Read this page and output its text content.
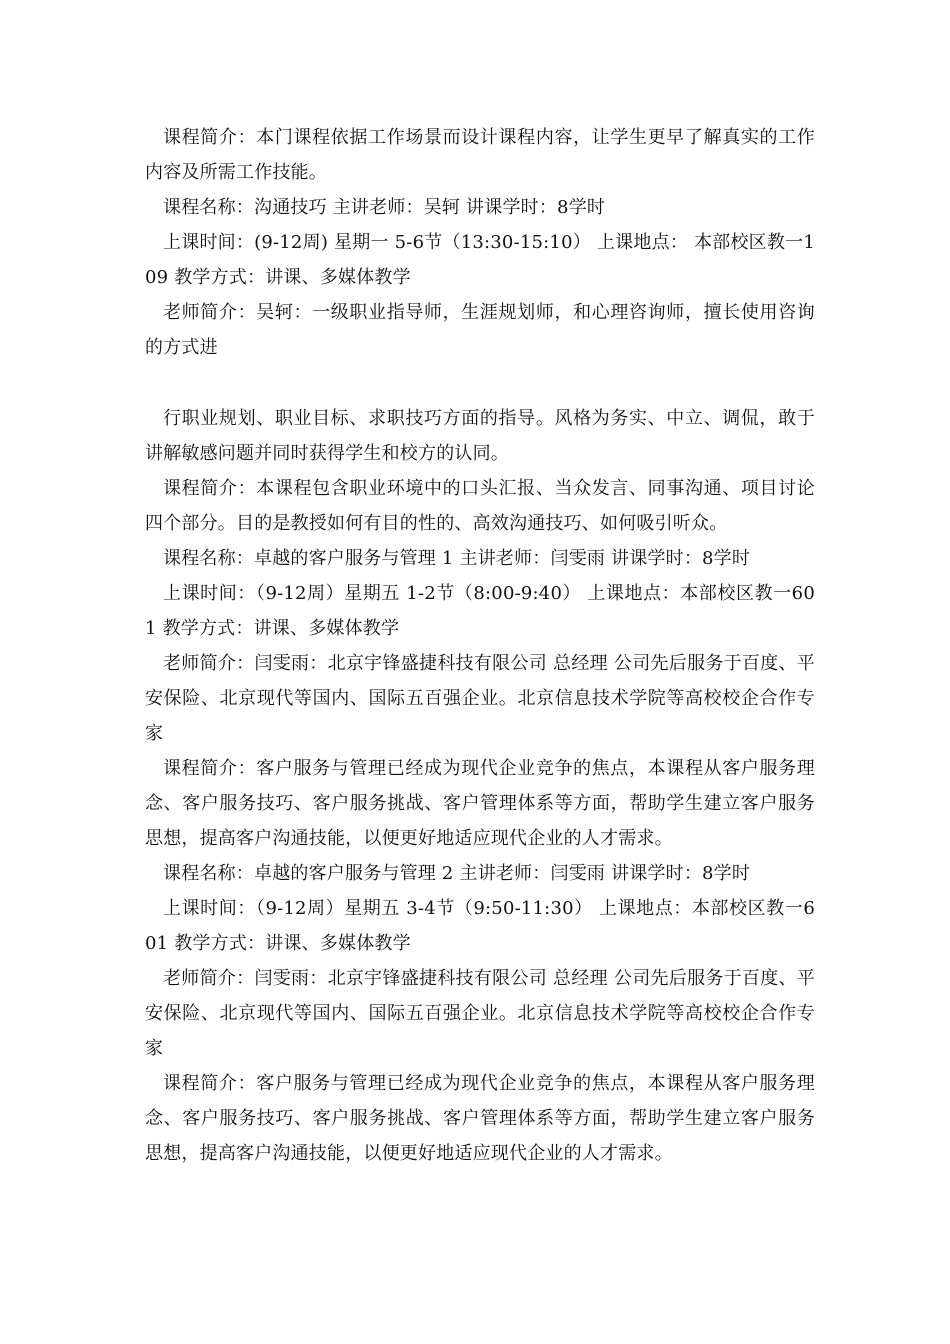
课程简介：本门课程依据工作场景而设计课程内容，让学生更早了解真实的工作内容及所需工作技能。

课程名称：沟通技巧 主讲老师：吴轲 讲课学时：8学时

上课时间：(9-12周) 星期一 5-6节（13:30-15:10） 上课地点： 本部校区教一109 教学方式：讲课、多媒体教学

老师简介：吴轲：一级职业指导师，生涯规划师，和心理咨询师，擅长使用咨询的方式进

行职业规划、职业目标、求职技巧方面的指导。风格为务实、中立、调侃，敢于讲解敏感问题并同时获得学生和校方的认同。

课程简介：本课程包含职业环境中的口头汇报、当众发言、同事沟通、项目讨论四个部分。目的是教授如何有目的性的、高效沟通技巧、如何吸引听众。

课程名称：卓越的客户服务与管理 1 主讲老师：闫雯雨 讲课学时：8学时

上课时间：（9-12周）星期五 1-2节（8:00-9:40） 上课地点：本部校区教一601 教学方式：讲课、多媒体教学

老师简介：闫雯雨：北京宇锋盛捷科技有限公司 总经理 公司先后服务于百度、平安保险、北京现代等国内、国际五百强企业。北京信息技术学院等高校校企合作专家

课程简介：客户服务与管理已经成为现代企业竞争的焦点，本课程从客户服务理念、客户服务技巧、客户服务挑战、客户管理体系等方面，帮助学生建立客户服务思想，提高客户沟通技能，以便更好地适应现代企业的人才需求。

课程名称：卓越的客户服务与管理 2 主讲老师：闫雯雨 讲课学时：8学时

上课时间：（9-12周）星期五 3-4节（9:50-11:30） 上课地点：本部校区教一601 教学方式：讲课、多媒体教学

老师简介：闫雯雨：北京宇锋盛捷科技有限公司 总经理 公司先后服务于百度、平安保险、北京现代等国内、国际五百强企业。北京信息技术学院等高校校企合作专家

课程简介：客户服务与管理已经成为现代企业竞争的焦点，本课程从客户服务理念、客户服务技巧、客户服务挑战、客户管理体系等方面，帮助学生建立客户服务思想，提高客户沟通技能，以便更好地适应现代企业的人才需求。
